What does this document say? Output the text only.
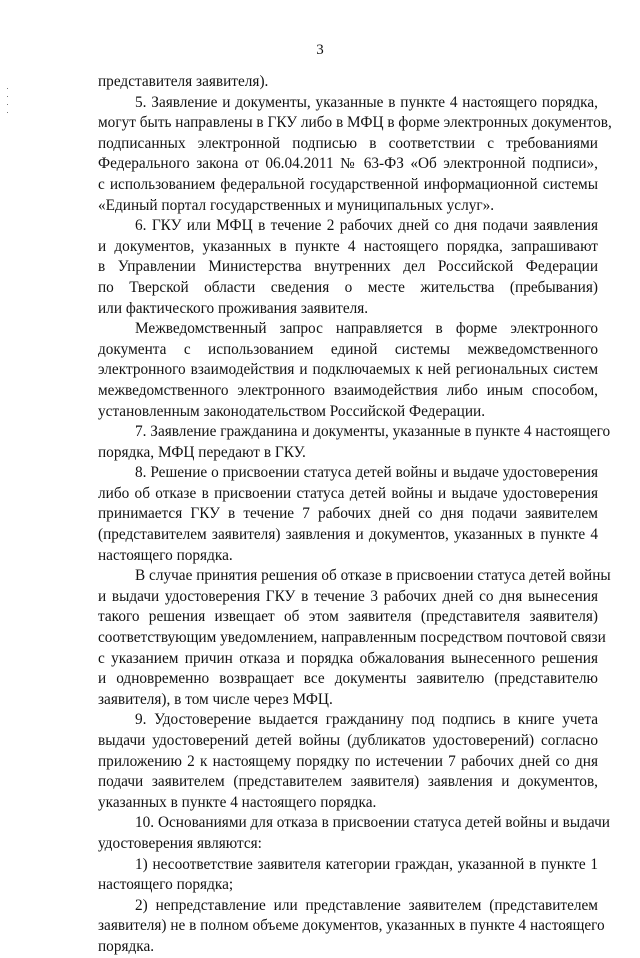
3
представителя заявителя).
5. Заявление и документы, указанные в пункте 4 настоящего порядка,
могут быть направлены в ГКУ либо в МФЦ в форме электронных документов,
подписанных электронной подписью в соответствии с требованиями
Федерального закона от 06.04.2011 № 63-ФЗ «Об электронной подписи»,
с использованием федеральной государственной информационной системы
«Единый портал государственных и муниципальных услуг».
6. ГКУ или МФЦ в течение 2 рабочих дней со дня подачи заявления
и документов, указанных в пункте 4 настоящего порядка, запрашивают
в Управлении Министерства внутренних дел Российской Федерации
по Тверской области сведения о месте жительства (пребывания)
или фактического проживания заявителя.
Межведомственный запрос направляется в форме электронного
документа с использованием единой системы межведомственного
электронного взаимодействия и подключаемых к ней региональных систем
межведомственного электронного взаимодействия либо иным способом,
установленным законодательством Российской Федерации.
7. Заявление гражданина и документы, указанные в пункте 4 настоящего
порядка, МФЦ передают в ГКУ.
8. Решение о присвоении статуса детей войны и выдаче удостоверения
либо об отказе в присвоении статуса детей войны и выдаче удостоверения
принимается ГКУ в течение 7 рабочих дней со дня подачи заявителем
(представителем заявителя) заявления и документов, указанных в пункте 4
настоящего порядка.
В случае принятия решения об отказе в присвоении статуса детей войны
и выдачи удостоверения ГКУ в течение 3 рабочих дней со дня вынесения
такого решения извещает об этом заявителя (представителя заявителя)
соответствующим уведомлением, направленным посредством почтовой связи
с указанием причин отказа и порядка обжалования вынесенного решения
и одновременно возвращает все документы заявителю (представителю
заявителя), в том числе через МФЦ.
9. Удостоверение выдается гражданину под подпись в книге учета
выдачи удостоверений детей войны (дубликатов удостоверений) согласно
приложению 2 к настоящему порядку по истечении 7 рабочих дней со дня
подачи заявителем (представителем заявителя) заявления и документов,
указанных в пункте 4 настоящего порядка.
10. Основаниями для отказа в присвоении статуса детей войны и выдачи
удостоверения являются:
1) несоответствие заявителя категории граждан, указанной в пункте 1
настоящего порядка;
2) непредставление или представление заявителем (представителем
заявителя) не в полном объеме документов, указанных в пункте 4 настоящего
порядка.
